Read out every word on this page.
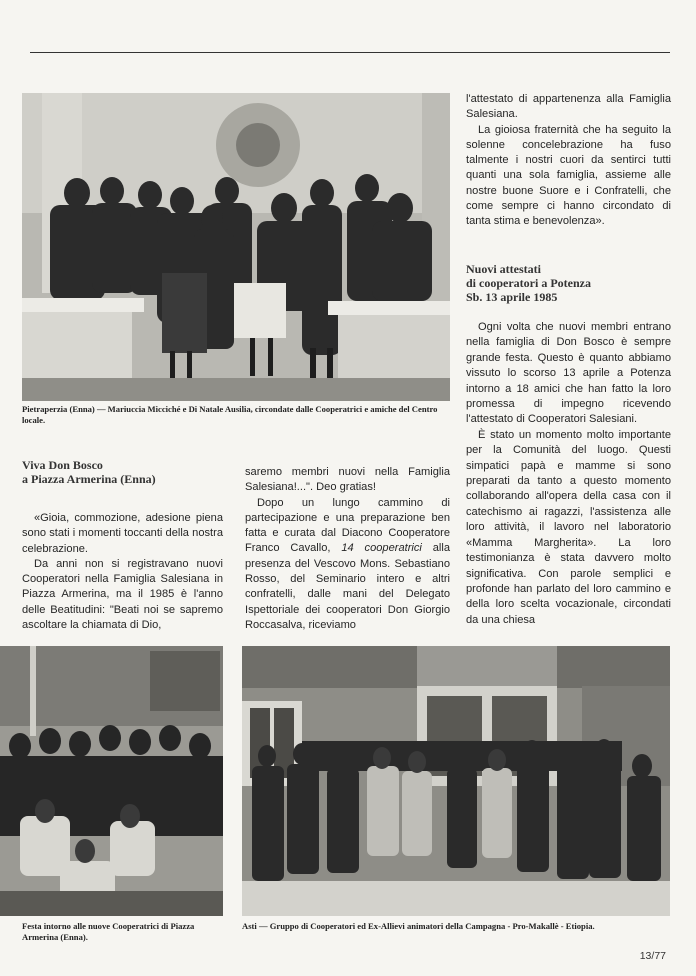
Pietraperzia (Enna) — Mariuccia Micciché e Di Natale Ausilia, circondate dalle Cooperatrici e amiche del Centro locale.
Viva Don Bosco
a Piazza Armerina (Enna)

«Gioia, commozione, adesione piena sono stati i momenti toccanti della nostra celebrazione.

Da anni non si registravano nuovi Cooperatori nella Famiglia Salesiana in Piazza Armerina, ma il 1985 è l'anno delle Beatitudini: "Beati noi se sapremo ascoltare la chiamata di Dio,

saremo membri nuovi nella Famiglia Salesiana!...". Deo gratias!

Dopo un lungo cammino di partecipazione e una preparazione ben fatta e curata dal Diacono Cooperatore Franco Cavallo, 14 cooperatrici alla presenza del Vescovo Mons. Sebastiano Rosso, del Seminario intero e altri confratelli, dalle mani del Delegato Ispettoriale dei cooperatori Don Giorgio Roccasalva, riceviamo

l'attestato di appartenenza alla Famiglia Salesiana.

La gioiosa fraternità che ha seguito la solenne concelebrazione ha fuso talmente i nostri cuori da sentirci tutti quanti una sola famiglia, assieme alle nostre buone Suore e i Confratelli, che come sempre ci hanno circondato di tanta stima e benevolenza».

Nuovi attestati
di cooperatori a Potenza
Sb. 13 aprile 1985

Ogni volta che nuovi membri entrano nella famiglia di Don Bosco è sempre grande festa. Questo è quanto abbiamo vissuto lo scorso 13 aprile a Potenza intorno a 18 amici che han fatto la loro promessa di impegno ricevendo l'attestato di Cooperatori Salesiani.

È stato un momento molto importante per la Comunità del luogo. Questi simpatici papà e mamme si sono preparati da tanto a questo momento collaborando all'opera della casa con il catechismo ai ragazzi, l'assistenza alle loro attività, il lavoro nel laboratorio «Mamma Margherita». La loro testimonianza è stata davvero molto significativa. Con parole semplici e profonde han parlato del loro cammino e della loro scelta vocazionale, circondati da una chiesa

Festa intorno alle nuove Cooperatrici di Piazza Armerina (Enna).
Asti — Gruppo di Cooperatori ed Ex-Allievi animatori della Campagna - Pro-Makallè - Etiopia.
13/77
